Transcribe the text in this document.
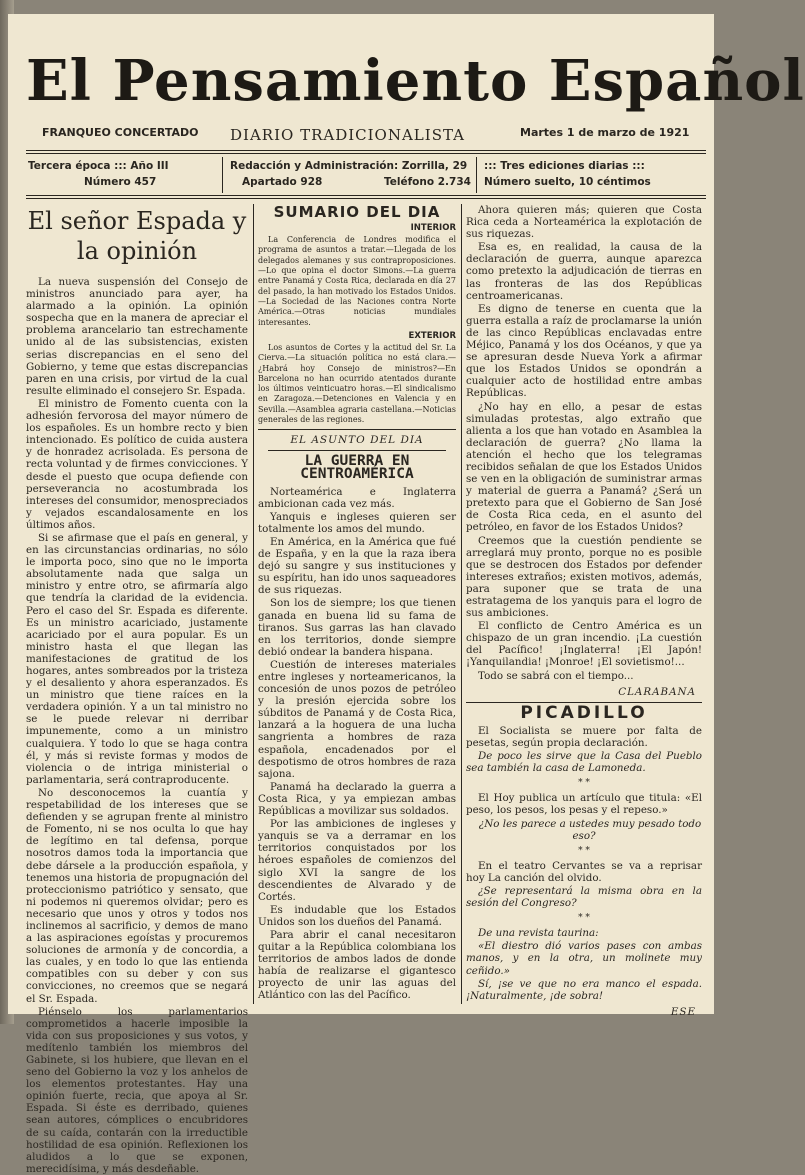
El Pensamiento Español
FRANQUEO CONCERTADO DIARIO TRADICIONALISTA	Martes 1 de marzo de 1921
Tercera época ::: Año III
Número 457
Redacción y Administración: Zorrilla, 29
Apartado 928	Teléfono 2.734
::: Tres ediciones diarias :::
Número suelto, 10 céntimos
El señor Espada y la opinión

La nueva suspensión del Consejo de ministros anunciado para ayer, ha alarmado a la opinión. La opinión sospecha que en la manera de apreciar el problema arancelario tan estrechamente unido al de las subsistencias, existen serias discrepancias en el seno del Gobierno, y teme que estas discrepancias paren en una crisis, por virtud de la cual resulte eliminado el consejero Sr. Espada.

El ministro de Fomento cuenta con la adhesión fervorosa del mayor número de los españoles. Es un hombre recto y bien intencionado. Es político de cuida austera y de honradez acrisolada. Es persona de recta voluntad y de firmes convicciones. Y desde el puesto que ocupa defiende con perseverancia no acostumbrada los intereses del consumidor, menospreciados y vejados escandalosamente en los últimos años.

Si se afirmase que el país en general, y en las circunstancias ordinarias, no sólo le importa poco, sino que no le importa absolutamente nada que salga un ministro y entre otro, se afirmaría algo que tendría la claridad de la evidencia. Pero el caso del Sr. Espada es diferente. Es un ministro acariciado, justamente acariciado por el aura popular. Es un ministro hasta el que llegan las manifestaciones de gratitud de los hogares, antes sombreados por la tristeza y el desaliento y ahora esperanzados. Es un ministro que tiene raíces en la verdadera opinión. Y a un tal ministro no se le puede relevar ni derribar impunemente, como a un ministro cualquiera. Y todo lo que se haga contra él, y más si reviste formas y modos de violencia o de intriga ministerial o parlamentaria, será contraproducente.

No desconocemos la cuantía y respetabilidad de los intereses que se defienden y se agrupan frente al ministro de Fomento, ni se nos oculta lo que hay de legítimo en tal defensa, porque nosotros damos toda la importancia que debe dársele a la producción española, y tenemos una historia de propugnación del proteccionismo patriótico y sensato, que ni podemos ni queremos olvidar; pero es necesario que unos y otros y todos nos inclinemos al sacrificio, y demos de mano a las aspiraciones egoístas y procuremos soluciones de armonía y de concordia, a las cuales, y en todo lo que las entienda compatibles con su deber y con sus convicciones, no creemos que se negará el Sr. Espada.

Piénselo los parlamentarios comprometidos a hacerle imposible la vida con sus proposiciones y sus votos, y medítenlo también los miembros del Gabinete, si los hubiere, que llevan en el seno del Gobierno la voz y los anhelos de los elementos protestantes. Hay una opinión fuerte, recia, que apoya al Sr. Espada. Si éste es derribado, quienes sean autores, cómplices o encubridores de su caída, contarán con la irreductible hostilidad de esa opinión. Reflexionen los aludidos a lo que se exponen, merecidísima, y más desdeñable.

SUMARIO DEL DIA
INTERIOR
La Conferencia de Londres modifica el programa de asuntos a tratar.—Llegada de los delegados alemanes y sus contraproposiciones.—Lo que opina el doctor Simons.—La guerra entre Panamá y Costa Rica, declarada en día 27 del pasado, la han motivado los Estados Unidos.—La Sociedad de las Naciones contra Norte América.—Otras noticias mundiales interesantes.
EXTERIOR
Los asuntos de Cortes y la actitud del Sr. La Cierva.—La situación política no está clara.—¿Habrá hoy Consejo de ministros?—En Barcelona no han ocurrido atentados durante los últimos veinticuatro horas.—El sindicalismo en Zaragoza.—Detenciones en Valencia y en Sevilla.—Asamblea agraria castellana.—Noticias generales de las regiones.
EL ASUNTO DEL DIA
LA GUERRA EN CENTROAMÉRICA

Norteamérica e Inglaterra ambicionan cada vez más.

Yanquis e ingleses quieren ser totalmente los amos del mundo.

En América, en la América que fué de España, y en la que la raza ibera dejó su sangre y sus instituciones y su espíritu, han ido unos saqueadores de sus riquezas.

Son los de siempre; los que tienen ganada en buena lid su fama de tiranos. Sus garras las han clavado en los territorios, donde siempre debió ondear la bandera hispana.

Cuestión de intereses materiales entre ingleses y norteamericanos, la concesión de unos pozos de petróleo y la presión ejercida sobre los súbditos de Panamá y de Costa Rica, lanzará a la hoguera de una lucha sangrienta a hombres de raza española, encadenados por el despotismo de otros hombres de raza sajona.

Panamá ha declarado la guerra a Costa Rica, y ya empiezan ambas Repúblicas a movilizar sus soldados.

Por las ambiciones de ingleses y yanquis se va a derramar en los territorios conquistados por los héroes españoles de comienzos del siglo XVI la sangre de los descendientes de Alvarado y de Cortés.

Es indudable que los Estados Unidos son los dueños del Panamá.

Para abrir el canal necesitaron quitar a la República colombiana los territorios de ambos lados de donde había de realizarse el gigantesco proyecto de unir las aguas del Atlántico con las del Pacífico.

Ahora quieren más; quieren que Costa Rica ceda a Norteamérica la explotación de sus riquezas.

Esa es, en realidad, la causa de la declaración de guerra, aunque aparezca como pretexto la adjudicación de tierras en las fronteras de las dos Repúblicas centroamericanas.

Es digno de tenerse en cuenta que la guerra estalla a raíz de proclamarse la unión de las cinco Repúblicas enclavadas entre Méjico, Panamá y los dos Océanos, y que ya se apresuran desde Nueva York a afirmar que los Estados Unidos se opondrán a cualquier acto de hostilidad entre ambas Repúblicas.

¿No hay en ello, a pesar de estas simuladas protestas, algo extraño que alienta a los que han votado en Asamblea la declaración de guerra? ¿No llama la atención el hecho que los telegramas recibidos señalan de que los Estados Unidos se ven en la obligación de suministrar armas y material de guerra a Panamá? ¿Será un pretexto para que el Gobierno de San José de Costa Rica ceda, en el asunto del petróleo, en favor de los Estados Unidos?

Creemos que la cuestión pendiente se arreglará muy pronto, porque no es posible que se destrocen dos Estados por defender intereses extraños; existen motivos, además, para suponer que se trata de una estratagema de los yanquis para el logro de sus ambiciones.

El conflicto de Centro América es un chispazo de un gran incendio. ¡La cuestión del Pacífico! ¡Inglaterra! ¡El Japón! ¡Yanquilandia! ¡Monroe! ¡El sovietismo!...

Todo se sabrá con el tiempo...

CLARABANA
PICADILLO

El Socialista se muere por falta de pesetas, según propia declaración.

De poco les sirve que la Casa del Pueblo sea también la casa de Lamoneda.

* *

El Hoy publica un artículo que titula: «El peso, los pesos, los pesas y el repeso.»

¿No les parece a ustedes muy pesado todo eso?

* *

En el teatro Cervantes se va a reprisar hoy La canción del olvido.

¿Se representará la misma obra en la sesión del Congreso?

* *

De una revista taurina:

«El diestro dió varios pases con ambas manos, y en la otra, un molinete muy ceñido.»

Sí, ¡se ve que no era manco el espada. ¡Naturalmente, ¡de sobra!

ESE
